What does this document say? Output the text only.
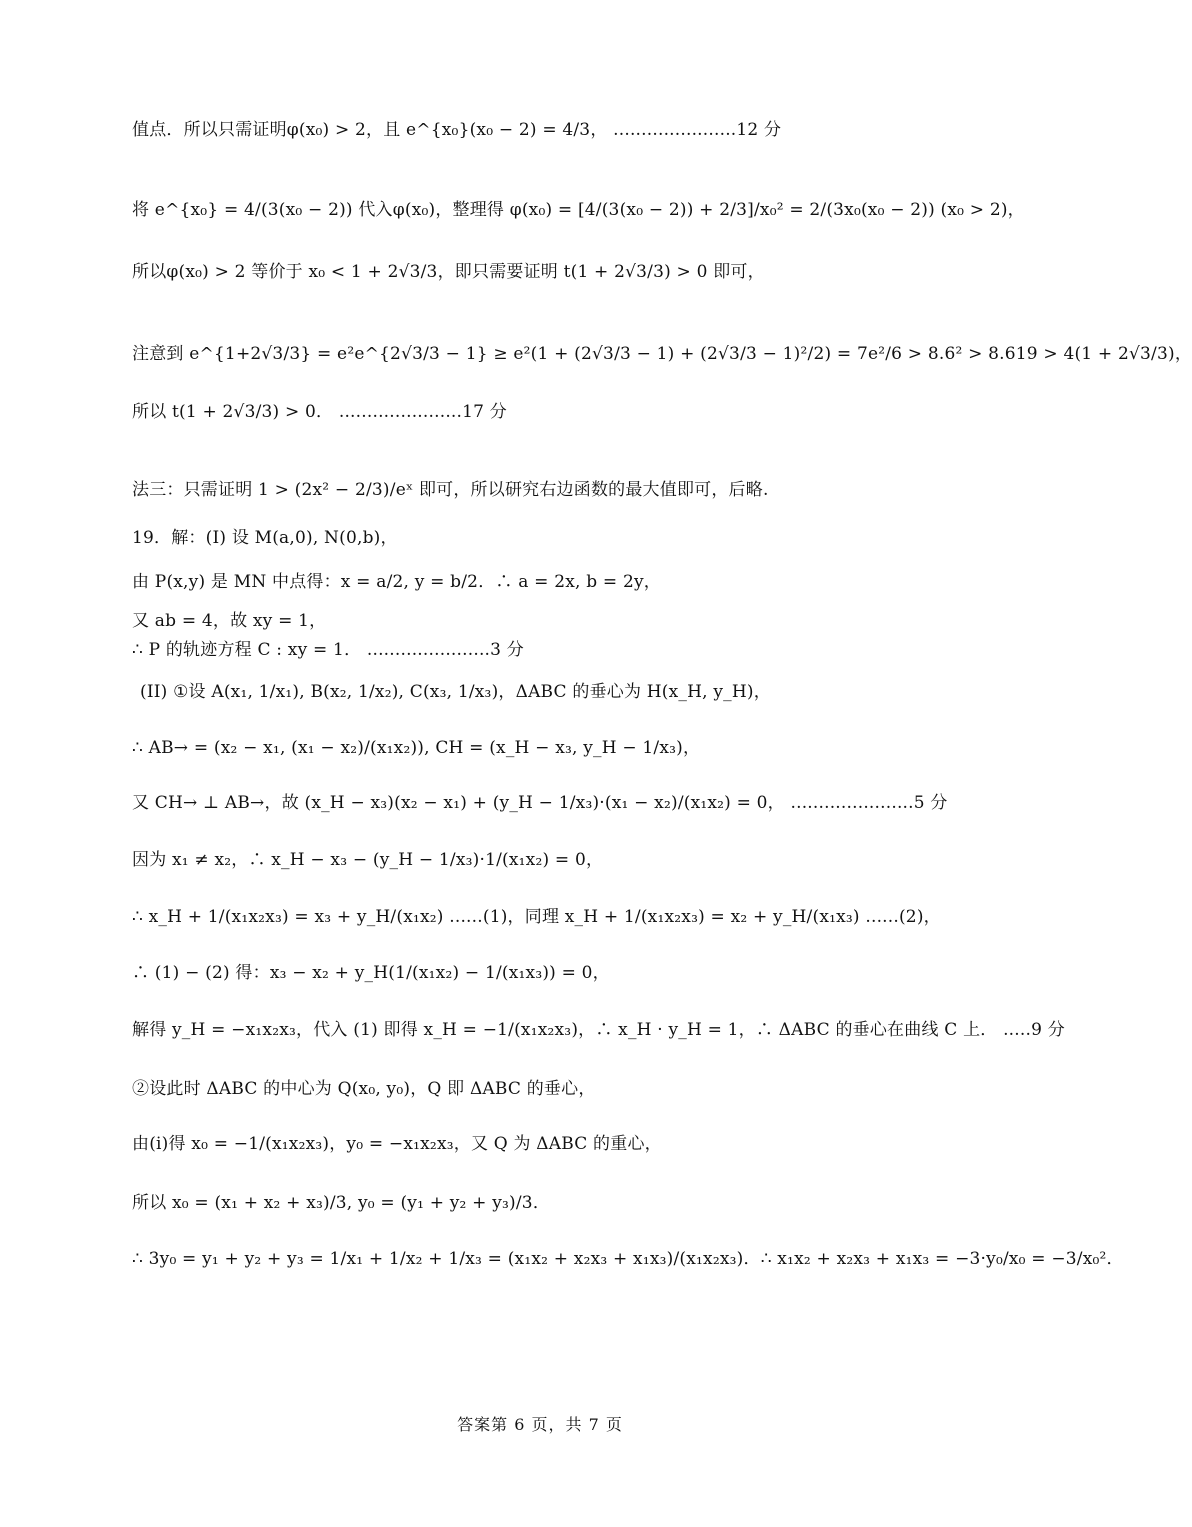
值点．所以只需证明φ(x₀) > 2，且 e^{x₀}(x₀ − 2) = 4/3， ......................12 分
将 e^{x₀} = 4/(3(x₀ − 2)) 代入φ(x₀)，整理得 φ(x₀) = [4/(3(x₀ − 2)) + 2/3]/x₀² = 2/(3x₀(x₀ − 2)) (x₀ > 2)，
所以φ(x₀) > 2 等价于 x₀ < 1 + 2√3/3，即只需要证明 t(1 + 2√3/3) > 0 即可，
注意到 e^{1+2√3/3} = e²e^{2√3/3 − 1} ≥ e²(1 + (2√3/3 − 1) + (2√3/3 − 1)²/2) = 7e²/6 > 8.6² > 8.619 > 4(1 + 2√3/3)，
所以 t(1 + 2√3/3) > 0． ......................17 分
法三：只需证明 1 > (2x² − 2/3)/eˣ 即可，所以研究右边函数的最大值即可，后略.
19．解：(I) 设 M(a,0), N(0,b)，
由 P(x,y) 是 MN 中点得：x = a/2, y = b/2．∴ a = 2x, b = 2y，
又 ab = 4，故 xy = 1，
∴ P 的轨迹方程 C : xy = 1． ......................3 分
(II) ①设 A(x₁, 1/x₁), B(x₂, 1/x₂), C(x₃, 1/x₃)，ΔABC 的垂心为 H(x_H, y_H)，
∴ AB→ = (x₂ − x₁, (x₁ − x₂)/(x₁x₂)), CH = (x_H − x₃, y_H − 1/x₃)，
又 CH→ ⊥ AB→，故 (x_H − x₃)(x₂ − x₁) + (y_H − 1/x₃)·(x₁ − x₂)/(x₁x₂) = 0， ......................5 分
因为 x₁ ≠ x₂，∴ x_H − x₃ − (y_H − 1/x₃)·1/(x₁x₂) = 0，
∴ x_H + 1/(x₁x₂x₃) = x₃ + y_H/(x₁x₂) ......(1)，同理 x_H + 1/(x₁x₂x₃) = x₂ + y_H/(x₁x₃) ......(2)，
∴ (1) − (2) 得：x₃ − x₂ + y_H(1/(x₁x₂) − 1/(x₁x₃)) = 0，
解得 y_H = −x₁x₂x₃，代入 (1) 即得 x_H = −1/(x₁x₂x₃)，∴ x_H · y_H = 1，∴ ΔABC 的垂心在曲线 C 上． .....9 分
②设此时 ΔABC 的中心为 Q(x₀, y₀)，Q 即 ΔABC 的垂心，
由(i)得 x₀ = −1/(x₁x₂x₃)，y₀ = −x₁x₂x₃，又 Q 为 ΔABC 的重心，
所以 x₀ = (x₁ + x₂ + x₃)/3, y₀ = (y₁ + y₂ + y₃)/3．
∴ 3y₀ = y₁ + y₂ + y₃ = 1/x₁ + 1/x₂ + 1/x₃ = (x₁x₂ + x₂x₃ + x₁x₃)/(x₁x₂x₃)．∴ x₁x₂ + x₂x₃ + x₁x₃ = −3·y₀/x₀ = −3/x₀²．
答案第 6 页，共 7 页
